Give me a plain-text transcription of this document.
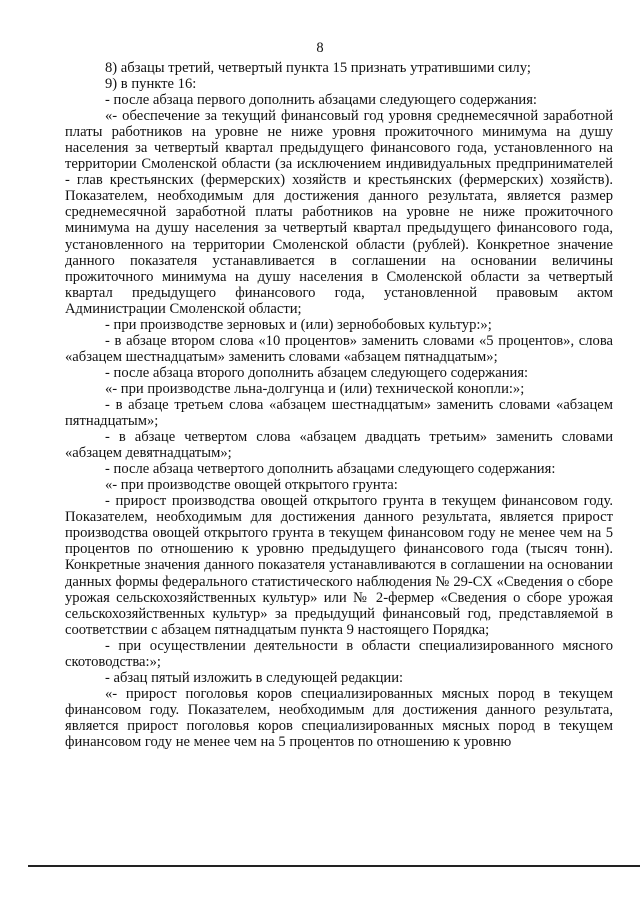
8

8) абзацы третий, четвертый пункта 15 признать утратившими силу;

9) в пункте 16:

- после абзаца первого дополнить абзацами следующего содержания:

«- обеспечение за текущий финансовый год уровня среднемесячной заработной платы работников на уровне не ниже уровня прожиточного минимума на душу населения за четвертый квартал предыдущего финансового года, установленного на территории Смоленской области (за исключением индивидуальных предпринимателей - глав крестьянских (фермерских) хозяйств и крестьянских (фермерских) хозяйств). Показателем, необходимым для достижения данного результата, является размер среднемесячной заработной платы работников на уровне не ниже прожиточного минимума на душу населения за четвертый квартал предыдущего финансового года, установленного на территории Смоленской области (рублей). Конкретное значение данного показателя устанавливается в соглашении на основании величины прожиточного минимума на душу населения в Смоленской области за четвертый квартал предыдущего финансового года, установленной правовым актом Администрации Смоленской области;

- при производстве зерновых и (или) зернобобовых культур:»;

- в абзаце втором слова «10 процентов» заменить словами «5 процентов», слова «абзацем шестнадцатым» заменить словами «абзацем пятнадцатым»;

- после абзаца второго дополнить абзацем следующего содержания:

«- при производстве льна-долгунца и (или) технической конопли:»;

- в абзаце третьем слова «абзацем шестнадцатым» заменить словами «абзацем пятнадцатым»;

- в абзаце четвертом слова «абзацем двадцать третьим» заменить словами «абзацем девятнадцатым»;

- после абзаца четвертого дополнить абзацами следующего содержания:

«- при производстве овощей открытого грунта:

- прирост производства овощей открытого грунта в текущем финансовом году. Показателем, необходимым для достижения данного результата, является прирост производства овощей открытого грунта в текущем финансовом году не менее чем на 5 процентов по отношению к уровню предыдущего финансового года (тысяч тонн). Конкретные значения данного показателя устанавливаются в соглашении на основании данных формы федерального статистического наблюдения № 29-СХ «Сведения о сборе урожая сельскохозяйственных культур» или № 2-фермер «Сведения о сборе урожая сельскохозяйственных культур» за предыдущий финансовый год, представляемой в соответствии с абзацем пятнадцатым пункта 9 настоящего Порядка;

- при осуществлении деятельности в области специализированного мясного скотоводства:»;

- абзац пятый изложить в следующей редакции:

«- прирост поголовья коров специализированных мясных пород в текущем финансовом году. Показателем, необходимым для достижения данного результата, является прирост поголовья коров специализированных мясных пород в текущем финансовом году не менее чем на 5 процентов по отношению к уровню
